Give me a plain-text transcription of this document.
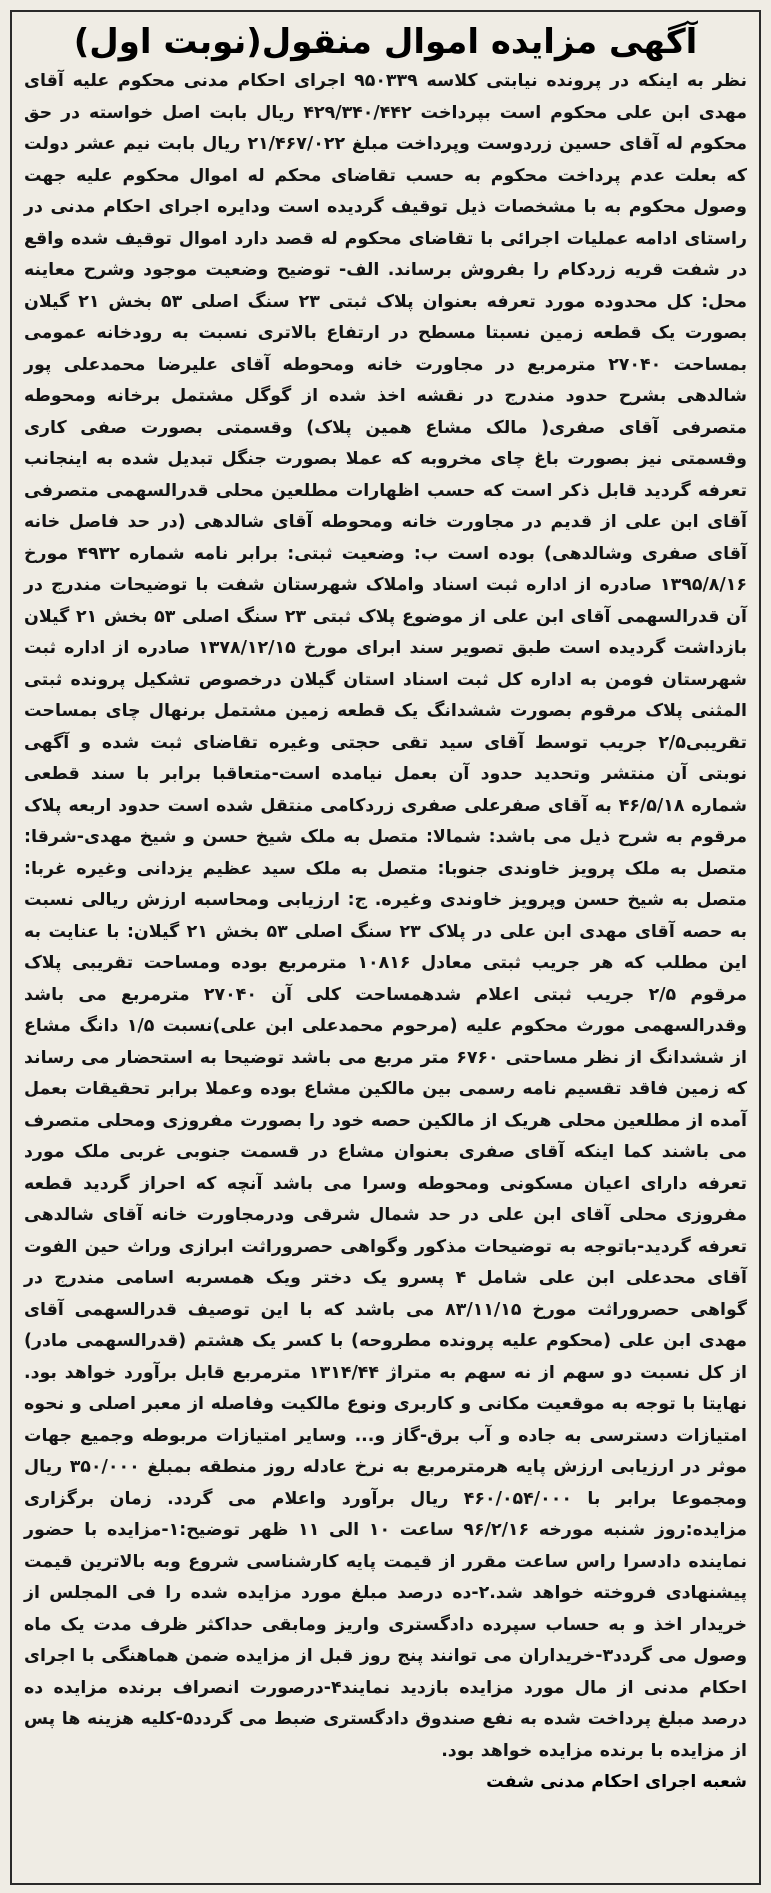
آگهی مزایده اموال منقول(نوبت اول)

نظر به اینکه در پرونده نیابتی کلاسه ۹۵۰۳۳۹ اجرای احکام مدنی محکوم علیه آقای مهدی ابن علی محکوم است بپرداخت ۴۲۹/۳۴۰/۴۴۲ ریال بابت اصل خواسته در حق محکوم له آقای حسین زردوست وپرداخت مبلغ ۲۱/۴۶۷/۰۲۲ ریال بابت نیم عشر دولت که بعلت عدم پرداخت محکوم به حسب تقاضای محکم له اموال محکوم علیه جهت وصول محکوم به با مشخصات ذیل توقیف گردیده است ودایره اجرای احکام مدنی در راستای ادامه عملیات اجرائی با تقاضای محکوم له قصد دارد اموال توقیف شده واقع در شفت قریه زردکام را بفروش برساند. الف- توضیح وضعیت موجود وشرح معاینه محل: کل محدوده مورد تعرفه بعنوان پلاک ثبتی ۲۳ سنگ اصلی ۵۳ بخش ۲۱ گیلان بصورت یک قطعه زمین نسبتا مسطح در ارتفاع بالاتری نسبت به رودخانه عمومی بمساحت ۲۷۰۴۰ مترمربع در مجاورت خانه ومحوطه آقای علیرضا محمدعلی پور شالدهی بشرح حدود مندرج در نقشه اخذ شده از گوگل مشتمل برخانه ومحوطه متصرفی آقای صفری( مالک مشاع همین پلاک) وقسمتی بصورت صفی کاری وقسمتی نیز بصورت باغ چای مخروبه که عملا بصورت جنگل تبدیل شده به اینجانب تعرفه گردید قابل ذکر است که حسب اظهارات مطلعین محلی قدرالسهمی متصرفی آقای ابن علی از قدیم در مجاورت خانه ومحوطه آقای شالدهی (در حد فاصل خانه آقای صفری وشالدهی) بوده است ب: وضعیت ثبتی: برابر نامه شماره ۴۹۳۲ مورخ ۱۳۹۵/۸/۱۶ صادره از اداره ثبت اسناد واملاک شهرستان شفت با توضیحات مندرج در آن قدرالسهمی آقای ابن علی از موضوع پلاک ثبتی ۲۳ سنگ اصلی ۵۳ بخش ۲۱ گیلان بازداشت گردیده است طبق تصویر سند ابرای مورخ ۱۳۷۸/۱۲/۱۵ صادره از اداره ثبت شهرستان فومن به اداره کل ثبت اسناد استان گیلان درخصوص تشکیل پرونده ثبتی المثنی پلاک مرقوم بصورت ششدانگ یک قطعه زمین مشتمل برنهال چای بمساحت تقریبی۲/۵ جریب توسط آقای سید تقی حجتی وغیره تقاضای ثبت شده و آگهی نوبتی آن منتشر وتحدید حدود آن بعمل نیامده است-متعاقبا برابر با سند قطعی شماره ۴۶/۵/۱۸ به آقای صفرعلی صفری زردکامی منتقل شده است حدود اربعه پلاک مرقوم به شرح ذیل می باشد: شمالا: متصل به ملک شیخ حسن و شیخ مهدی-شرقا: متصل به ملک پرویز خاوندی جنوبا: متصل به ملک سید عظیم یزدانی وغیره غربا: متصل به شیخ حسن وپرویز خاوندی وغیره. ج: ارزیابی ومحاسبه ارزش ریالی نسبت به حصه آقای مهدی ابن علی در پلاک ۲۳ سنگ اصلی ۵۳ بخش ۲۱ گیلان: با عنایت به این مطلب که هر جریب ثبتی معادل ۱۰۸۱۶ مترمربع بوده ومساحت تقریبی پلاک مرقوم ۲/۵ جریب ثبتی اعلام شدهمساحت کلی آن ۲۷۰۴۰ مترمربع می باشد وقدرالسهمی مورث محکوم علیه (مرحوم محمدعلی ابن علی)نسبت ۱/۵ دانگ مشاع از ششدانگ از نظر مساحتی ۶۷۶۰ متر مربع می باشد توضیحا به استحضار می رساند که زمین فاقد تقسیم نامه رسمی بین مالکین مشاع بوده وعملا برابر تحقیقات بعمل آمده از مطلعین محلی هریک از مالکین حصه خود را بصورت مفروزی ومحلی متصرف می باشند کما اینکه آقای صفری بعنوان مشاع در قسمت جنوبی غربی ملک مورد تعرفه دارای اعیان مسکونی ومحوطه وسرا می باشد آنچه که احراز گردید قطعه مفروزی محلی آقای ابن علی در حد شمال شرقی ودرمجاورت خانه آقای شالدهی تعرفه گردید-باتوجه به توضیحات مذکور وگواهی حصروراثت ابرازی وراث حین الفوت آقای محدعلی ابن علی شامل ۴ پسرو یک دختر ویک همسربه اسامی مندرج در گواهی حصروراثت مورخ ۸۳/۱۱/۱۵ می باشد که با این توصیف قدرالسهمی آقای مهدی ابن علی (محکوم علیه پرونده مطروحه) با کسر یک هشتم (قدرالسهمی مادر) از کل نسبت دو سهم از نه سهم به متراژ ۱۳۱۴/۴۴ مترمربع قابل برآورد خواهد بود. نهایتا با توجه به موقعیت مکانی و کاربری ونوع مالکیت وفاصله از معبر اصلی و نحوه امتیازات دسترسی به جاده و آب برق-گاز و... وسایر امتیازات مربوطه وجمیع جهات موثر در ارزیابی ارزش پایه هرمترمربع به نرخ عادله روز منطقه بمبلغ ۳۵۰/۰۰۰ ریال ومجموعا برابر با ۴۶۰/۰۵۴/۰۰۰ ریال برآورد واعلام می گردد. زمان برگزاری مزایده:روز شنبه مورخه ۹۶/۲/۱۶ ساعت ۱۰ الی ۱۱ ظهر توضیح:۱-مزایده با حضور نماینده دادسرا راس ساعت مقرر از قیمت پایه کارشناسی شروع وبه بالاترین قیمت پیشنهادی فروخته خواهد شد.۲-ده درصد مبلغ مورد مزایده شده را فی المجلس از خریدار اخذ و به حساب سپرده دادگستری واریز ومابقی حداکثر ظرف مدت یک ماه وصول می گردد۳-خریداران می توانند پنج روز قبل از مزایده ضمن هماهنگی با اجرای احکام مدنی از مال مورد مزایده بازدید نمایند۴-درصورت انصراف برنده مزایده ده درصد مبلغ پرداخت شده به نفع صندوق دادگستری ضبط می گردد۵-کلیه هزینه ها پس از مزایده با برنده مزایده خواهد بود.

شعبه اجرای احکام مدنی شفت
